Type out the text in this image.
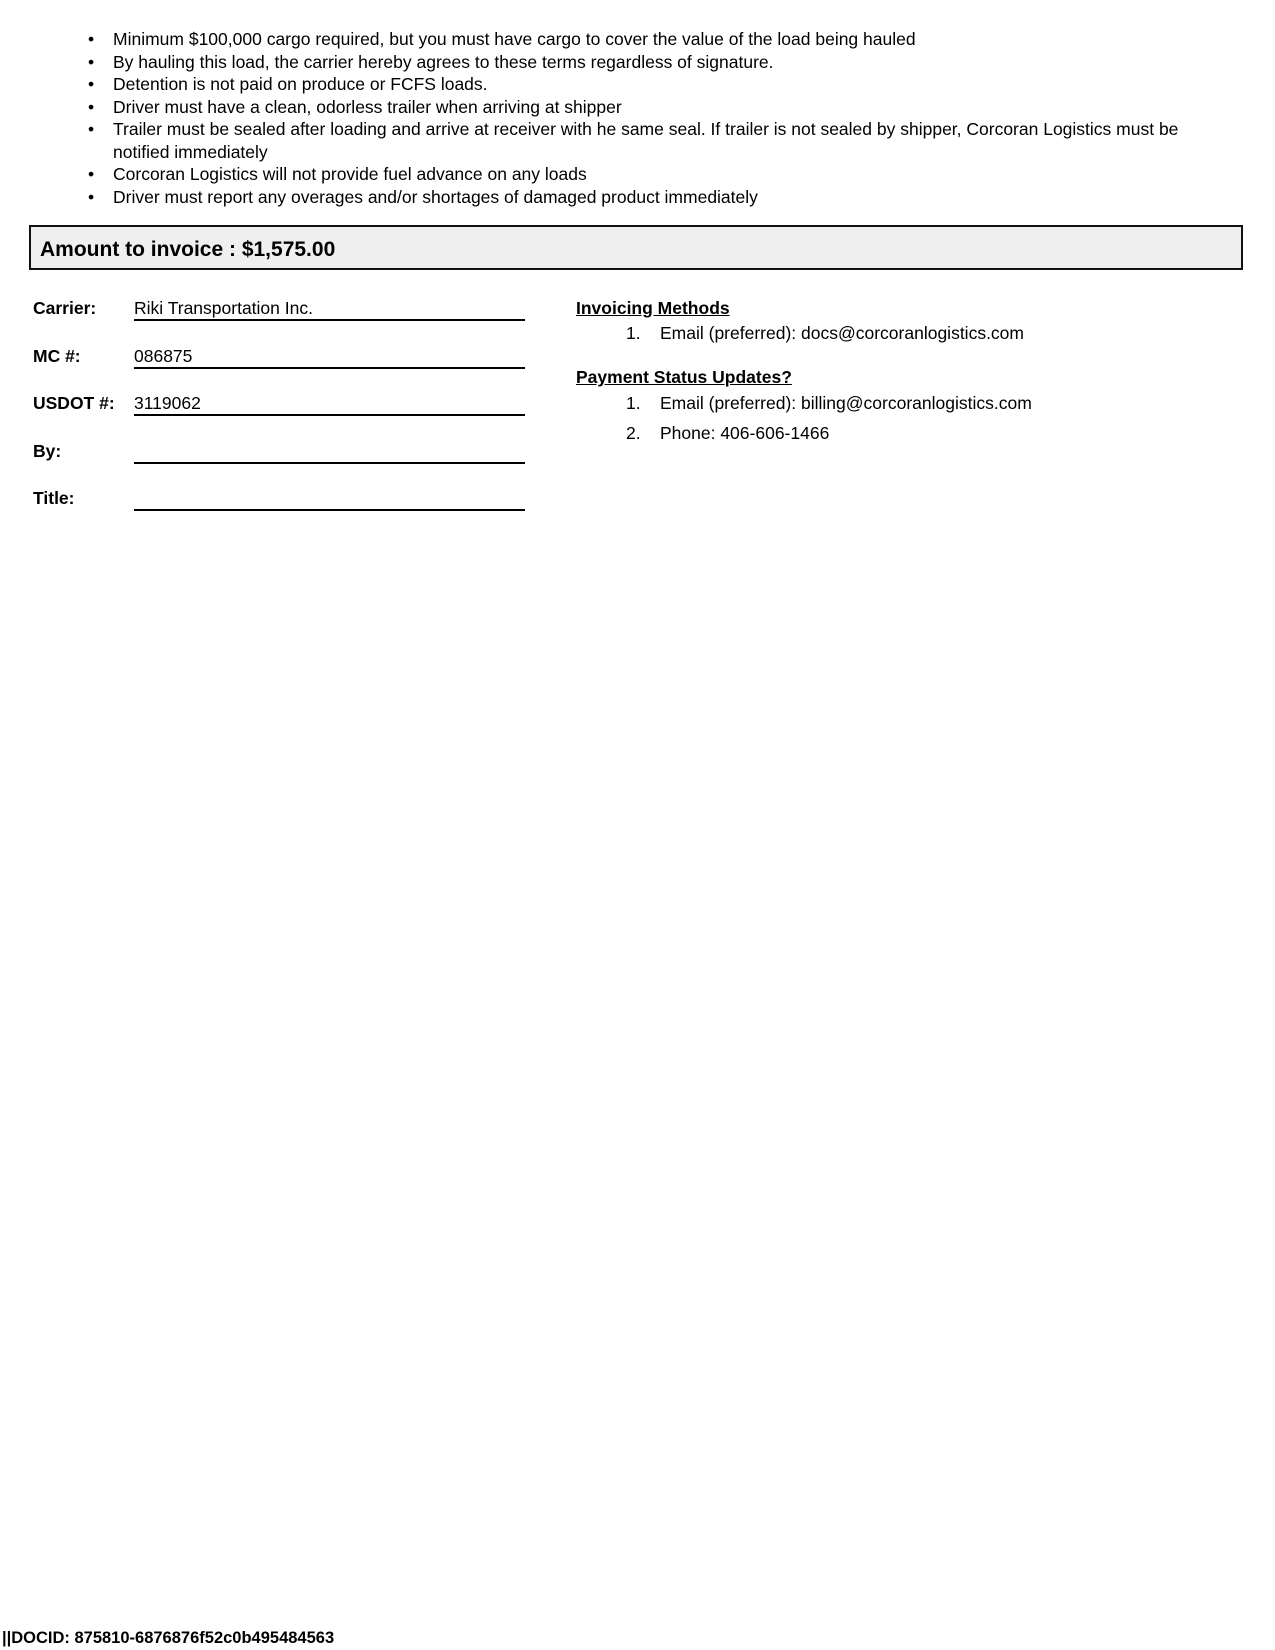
• Minimum $100,000 cargo required, but you must have cargo to cover the value of the load being hauled
• By hauling this load, the carrier hereby agrees to these terms regardless of signature.
• Detention is not paid on produce or FCFS loads.
• Driver must have a clean, odorless trailer when arriving at shipper
• Trailer must be sealed after loading and arrive at receiver with he same seal. If trailer is not sealed by shipper, Corcoran Logistics must be notified immediately
• Corcoran Logistics will not provide fuel advance on any loads
• Driver must report any overages and/or shortages of damaged product immediately
Amount to invoice : $1,575.00
Carrier: Riki Transportation Inc.
MC #:	086875
USDOT #: 3119062
By:
Title:
Invoicing Methods
1. Email (preferred): docs@corcoranlogistics.com
Payment Status Updates?
1. Email (preferred): billing@corcoranlogistics.com
2. Phone: 406-606-1466
||DOCID: 875810-6876876f52c0b495484563
